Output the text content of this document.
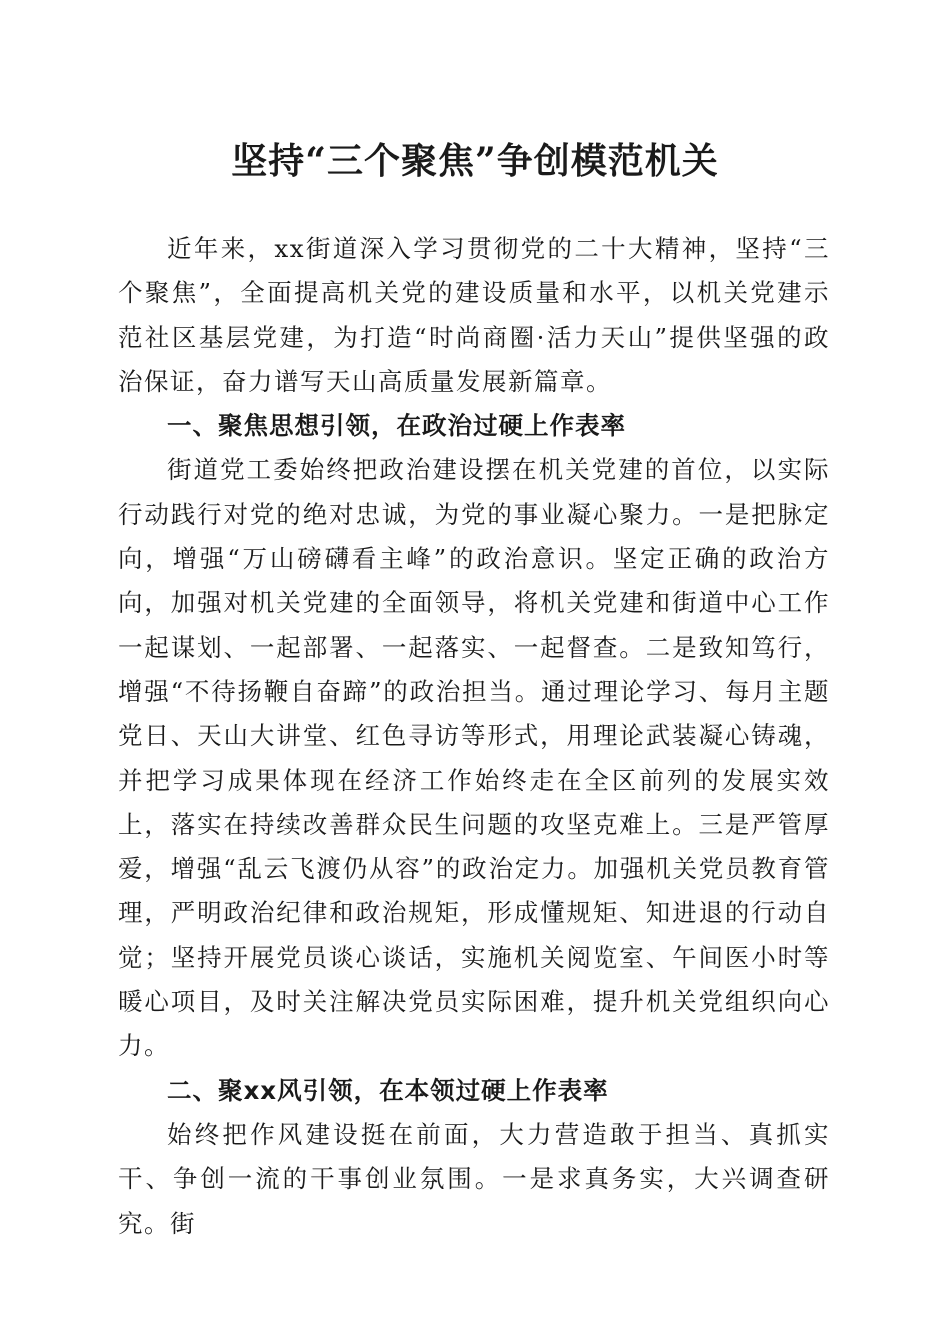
坚持“三个聚焦”争创模范机关

近年来，xx街道深入学习贯彻党的二十大精神，坚持“三个聚焦”，全面提高机关党的建设质量和水平，以机关党建示范社区基层党建，为打造“时尚商圈·活力天山”提供坚强的政治保证，奋力谱写天山高质量发展新篇章。

一、聚焦思想引领，在政治过硬上作表率

街道党工委始终把政治建设摆在机关党建的首位，以实际行动践行对党的绝对忠诚，为党的事业凝心聚力。一是把脉定向，增强“万山磅礴看主峰”的政治意识。坚定正确的政治方向，加强对机关党建的全面领导，将机关党建和街道中心工作一起谋划、一起部署、一起落实、一起督查。二是致知笃行，增强“不待扬鞭自奋蹄”的政治担当。通过理论学习、每月主题党日、天山大讲堂、红色寻访等形式，用理论武装凝心铸魂，并把学习成果体现在经济工作始终走在全区前列的发展实效上，落实在持续改善群众民生问题的攻坚克难上。三是严管厚爱，增强“乱云飞渡仍从容”的政治定力。加强机关党员教育管理，严明政治纪律和政治规矩，形成懂规矩、知进退的行动自觉；坚持开展党员谈心谈话，实施机关阅览室、午间医小时等暖心项目，及时关注解决党员实际困难，提升机关党组织向心力。

二、聚xx风引领，在本领过硬上作表率

始终把作风建设挺在前面，大力营造敢于担当、真抓实干、争创一流的干事创业氛围。一是求真务实，大兴调查研究。街
